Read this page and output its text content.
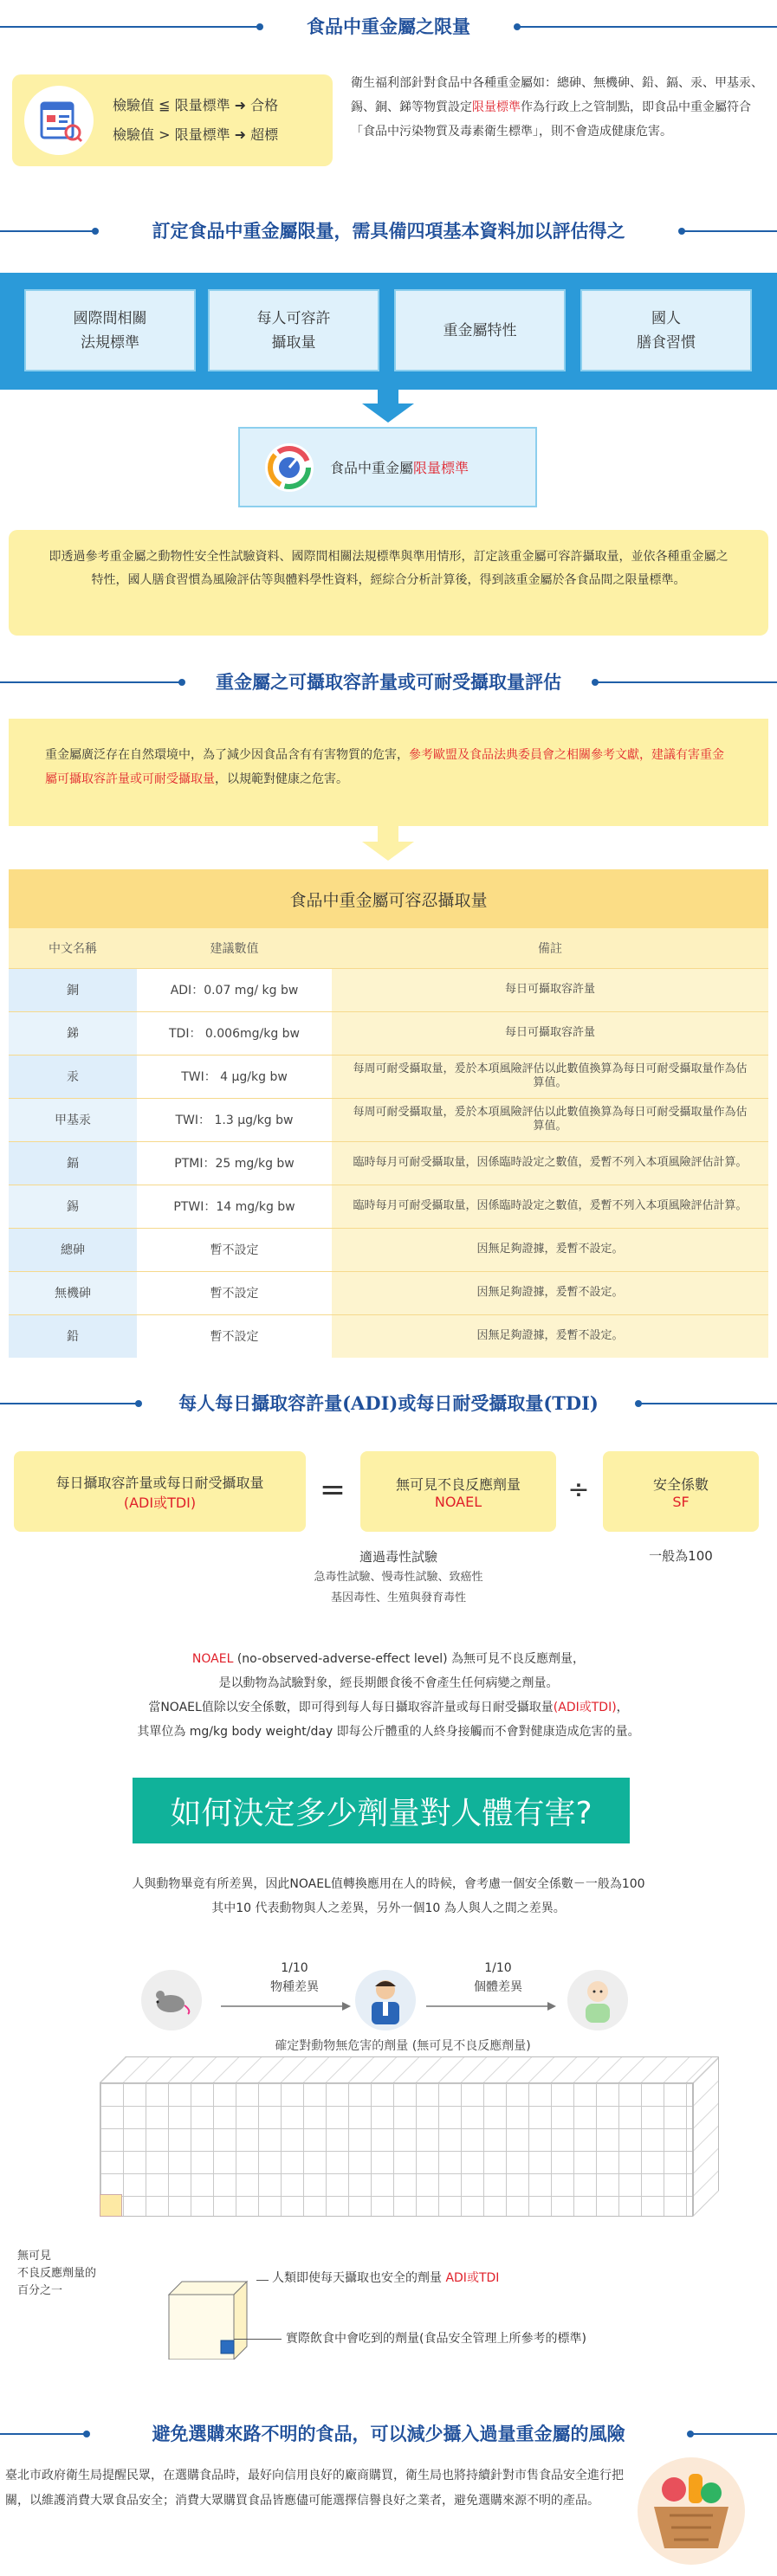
食品中重金屬之限量
檢驗值 ≦ 限量標準 ➜ 合格
檢驗值 > 限量標準 ➜ 超標
衛生福利部針對食品中各種重金屬如：總砷、無機砷、鉛、鎘、汞、甲基汞、錫、銅、銻等物質設定限量標準作為行政上之管制點，即食品中重金屬符合「食品中污染物質及毒素衛生標準」，則不會造成健康危害。
訂定食品中重金屬限量，需具備四項基本資料加以評估得之
國際間相關
法規標準
每人可容許
攝取量
重金屬特性
國人
膳食習慣
食品中重金屬限量標準
即透過參考重金屬之動物性安全性試驗資料、國際間相關法規標準與準用情形，訂定該重金屬可容許攝取量，並依各種重金屬之特性，國人膳食習慣為風險評估等與體料學性資料，經綜合分析計算後，得到該重金屬於各食品間之限量標準。
重金屬之可攝取容許量或可耐受攝取量評估
重金屬廣泛存在自然環境中，為了減少因食品含有有害物質的危害，參考歐盟及食品法典委員會之相關參考文獻，建議有害重金屬可攝取容許量或可耐受攝取量，以規範對健康之危害。
食品中重金屬可容忍攝取量
中文名稱	建議數值	備註
銅	ADI：0.07 mg/ kg bw	每日可攝取容許量
銻	TDI： 0.006mg/kg bw	每日可攝取容許量
汞	TWI： 4 μg/kg bw	每周可耐受攝取量，爰於本項風險評估以此數值換算為每日可耐受攝取量作為估算值。
甲基汞	TWI： 1.3 μg/kg bw	每周可耐受攝取量，爰於本項風險評估以此數值換算為每日可耐受攝取量作為估算值。
鎘	PTMI：25 mg/kg bw	臨時每月可耐受攝取量，因係臨時設定之數值，爰暫不列入本項風險評估計算。
錫	PTWI：14 mg/kg bw	臨時每月可耐受攝取量，因係臨時設定之數值，爰暫不列入本項風險評估計算。
總砷	暫不設定	因無足夠證據，爰暫不設定。
無機砷	暫不設定	因無足夠證據，爰暫不設定。
鉛	暫不設定	因無足夠證據，爰暫不設定。
每人每日攝取容許量(ADI)或每日耐受攝取量(TDI)
每日攝取容許量或每日耐受攝取量
(ADI或TDI)	=	無可見不良反應劑量
NOAEL	÷	安全係數
SF
適過毒性試驗
急毒性試驗、慢毒性試驗、致癌性
基因毒性、生殖與發育毒性
一般為100
NOAEL (no-observed-adverse-effect level) 為無可見不良反應劑量，
是以動物為試驗對象，經長期餵食後不會產生任何病變之劑量。
當NOAEL值除以安全係數，即可得到每人每日攝取容許量或每日耐受攝取量(ADI或TDI)，
其單位為 mg/kg body weight/day 即每公斤體重的人終身接觸而不會對健康造成危害的量。
如何決定多少劑量對人體有害?
人與動物畢竟有所差異，因此NOAEL值轉換應用在人的時候，會考慮一個安全係數－一般為100
其中10 代表動物與人之差異，另外一個10 為人與人之間之差異。
1/10
物種差異
1/10
個體差異
確定對動物無危害的劑量 (無可見不良反應劑量)
無可見
不良反應劑量的
百分之一
人類即使每天攝取也安全的劑量 ADI或TDI
實際飲食中會吃到的劑量(食品安全管理上所參考的標準)
避免選購來路不明的食品，可以減少攝入過量重金屬的風險
臺北市政府衛生局提醒民眾，在選購食品時，最好向信用良好的廠商購買，衛生局也將持續針對市售食品安全進行把關，以維護消費大眾食品安全；消費大眾購買食品皆應儘可能選擇信譽良好之業者，避免選購來源不明的產品。
